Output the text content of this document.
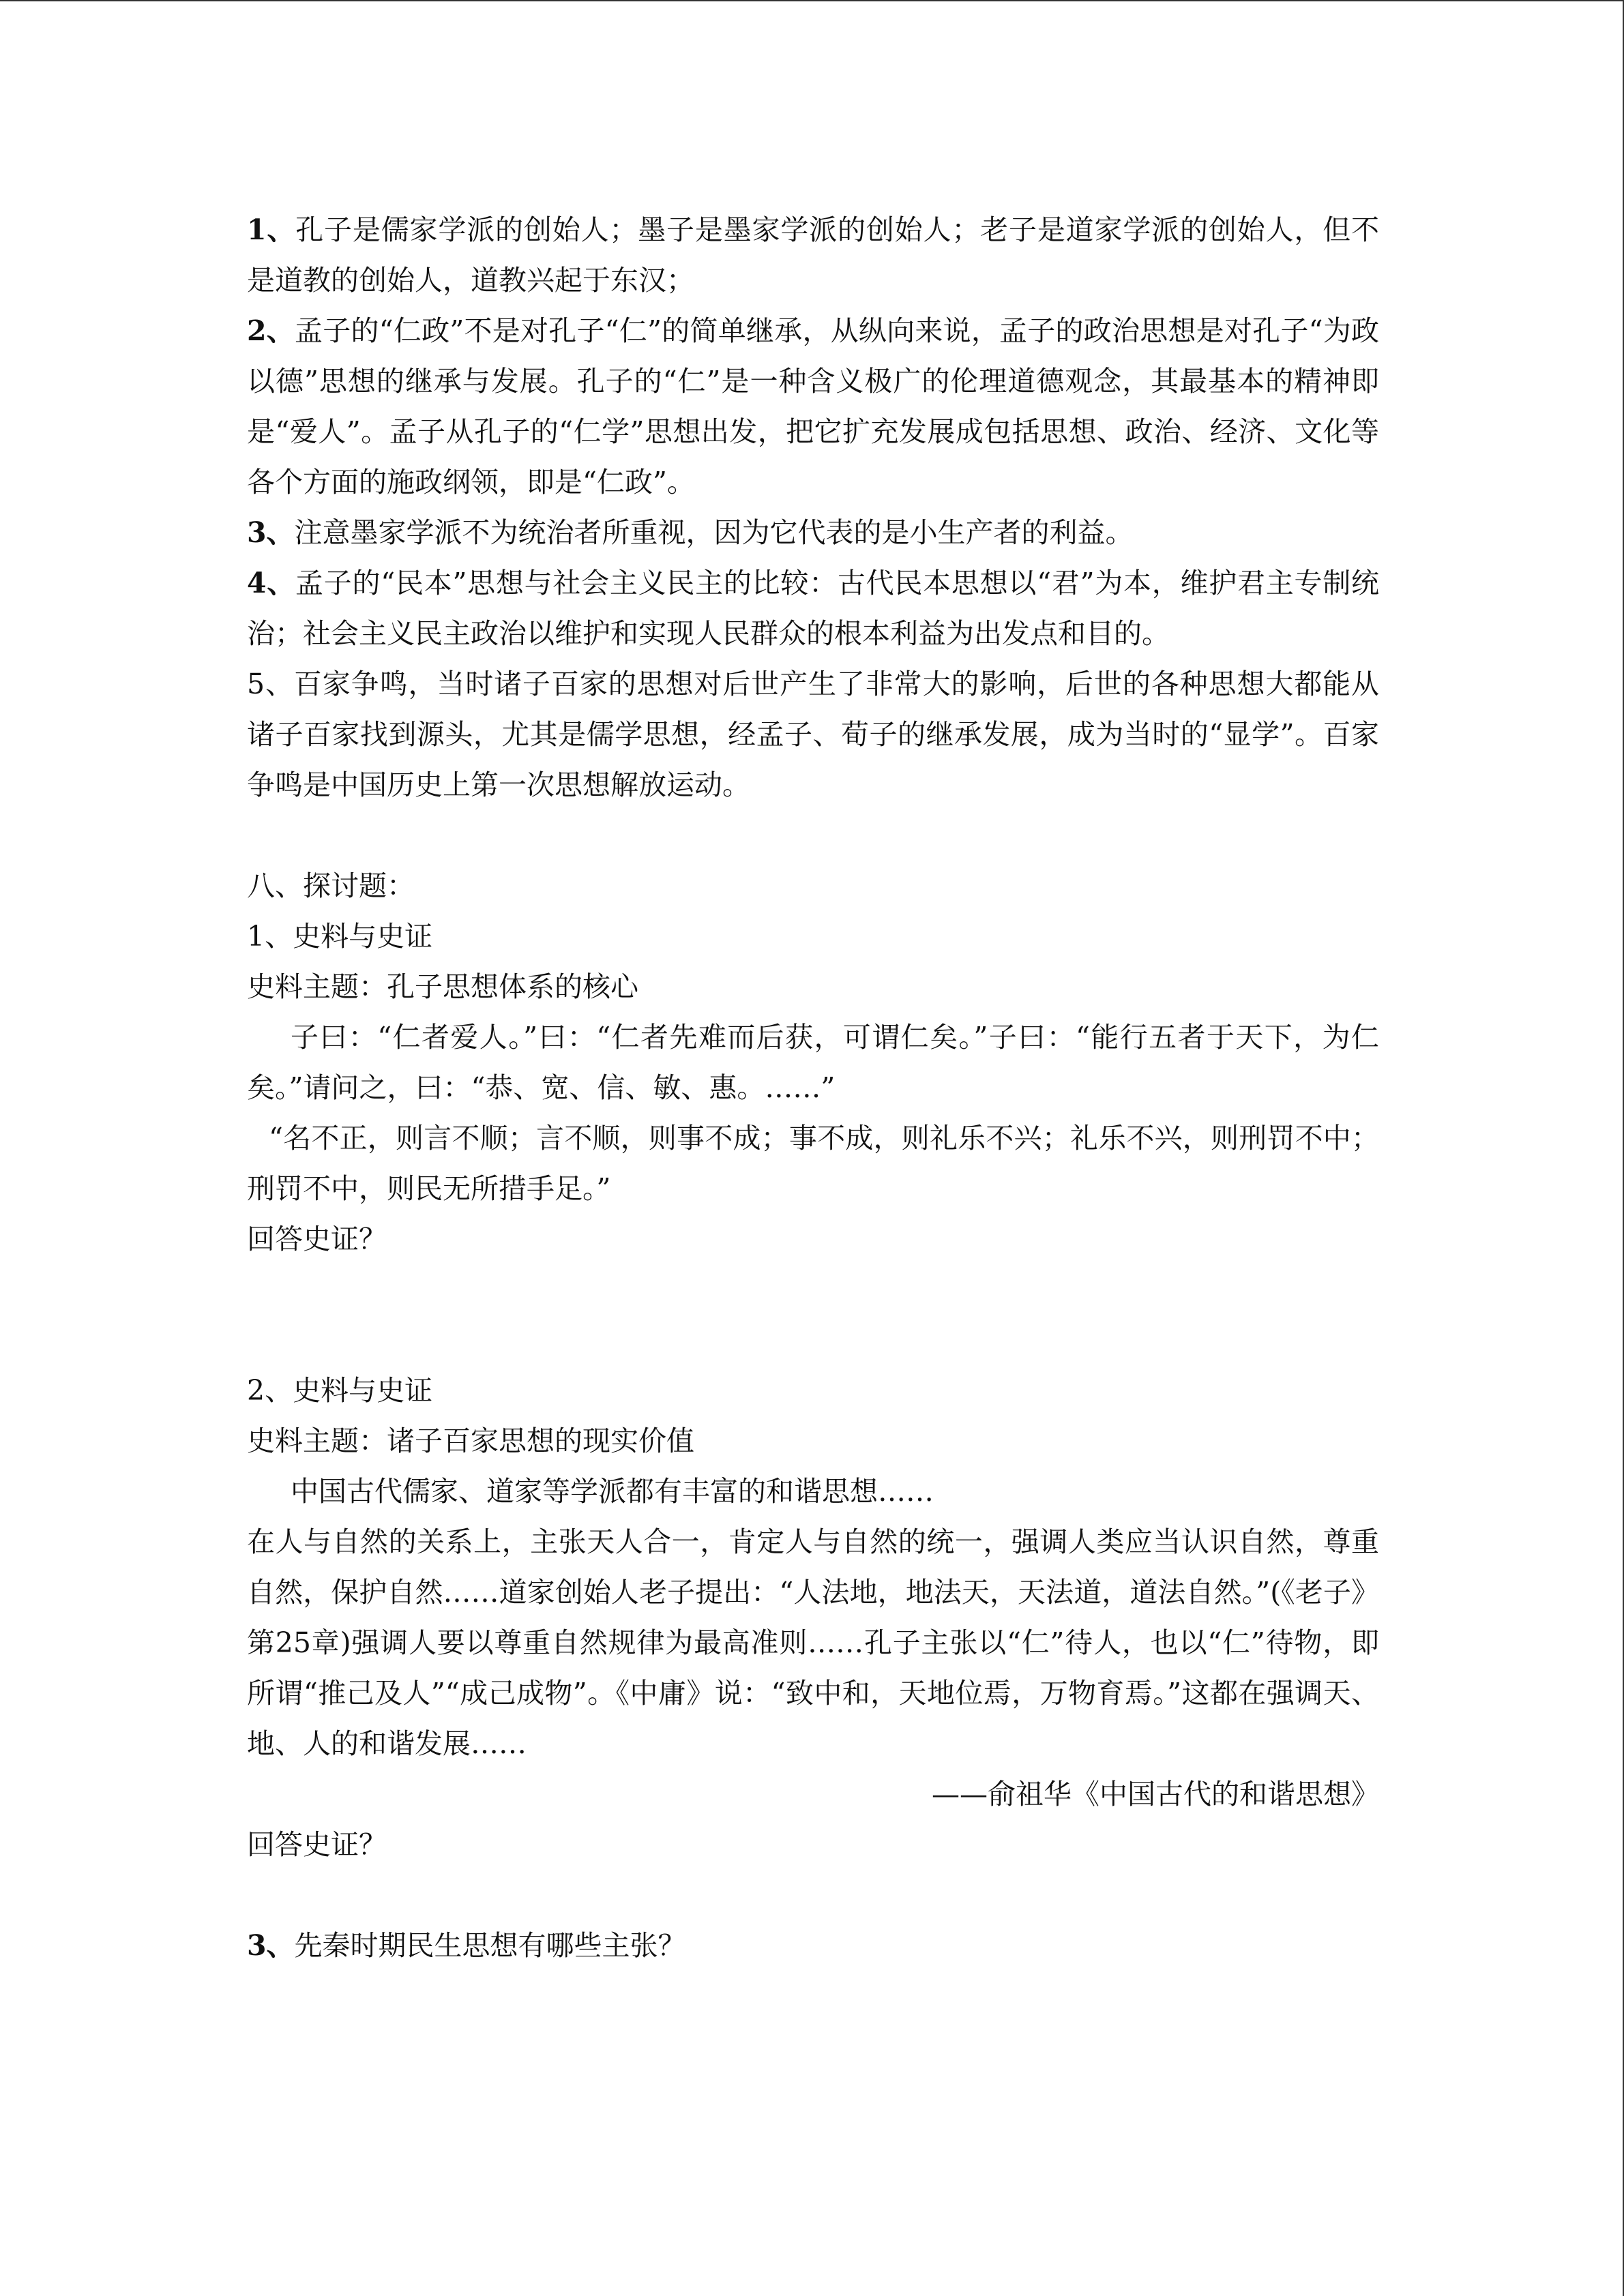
1、孔子是儒家学派的创始人；墨子是墨家学派的创始人；老子是道家学派的创始人，但不是道教的创始人，道教兴起于东汉；

2、孟子的“仁政”不是对孔子“仁”的简单继承，从纵向来说，孟子的政治思想是对孔子“为政以德”思想的继承与发展。孔子的“仁”是一种含义极广的伦理道德观念，其最基本的精神即是“爱人”。孟子从孔子的“仁学”思想出发，把它扩充发展成包括思想、政治、经济、文化等各个方面的施政纲领，即是“仁政”。

3、注意墨家学派不为统治者所重视，因为它代表的是小生产者的利益。

4、孟子的“民本”思想与社会主义民主的比较：古代民本思想以“君”为本，维护君主专制统治；社会主义民主政治以维护和实现人民群众的根本利益为出发点和目的。

5、百家争鸣，当时诸子百家的思想对后世产生了非常大的影响，后世的各种思想大都能从诸子百家找到源头，尤其是儒学思想，经孟子、荀子的继承发展，成为当时的“显学”。百家争鸣是中国历史上第一次思想解放运动。

八、探讨题：

1、史料与史证

史料主题：孔子思想体系的核心

子曰：“仁者爱人。”曰：“仁者先难而后获，可谓仁矣。”子曰：“能行五者于天下，为仁矣。”请问之，曰：“恭、宽、信、敏、惠。……”

“名不正，则言不顺；言不顺，则事不成；事不成，则礼乐不兴；礼乐不兴，则刑罚不中；刑罚不中，则民无所措手足。”

回答史证？

2、史料与史证

史料主题：诸子百家思想的现实价值

中国古代儒家、道家等学派都有丰富的和谐思想……

在人与自然的关系上，主张天人合一，肯定人与自然的统一，强调人类应当认识自然，尊重自然，保护自然……道家创始人老子提出：“人法地，地法天，天法道，道法自然。”(《老子》第25章)强调人要以尊重自然规律为最高准则……孔子主张以“仁”待人，也以“仁”待物，即所谓“推己及人”“成己成物”。《中庸》说：“致中和，天地位焉，万物育焉。”这都在强调天、地、人的和谐发展……

——俞祖华《中国古代的和谐思想》

回答史证？

3、先秦时期民生思想有哪些主张？
